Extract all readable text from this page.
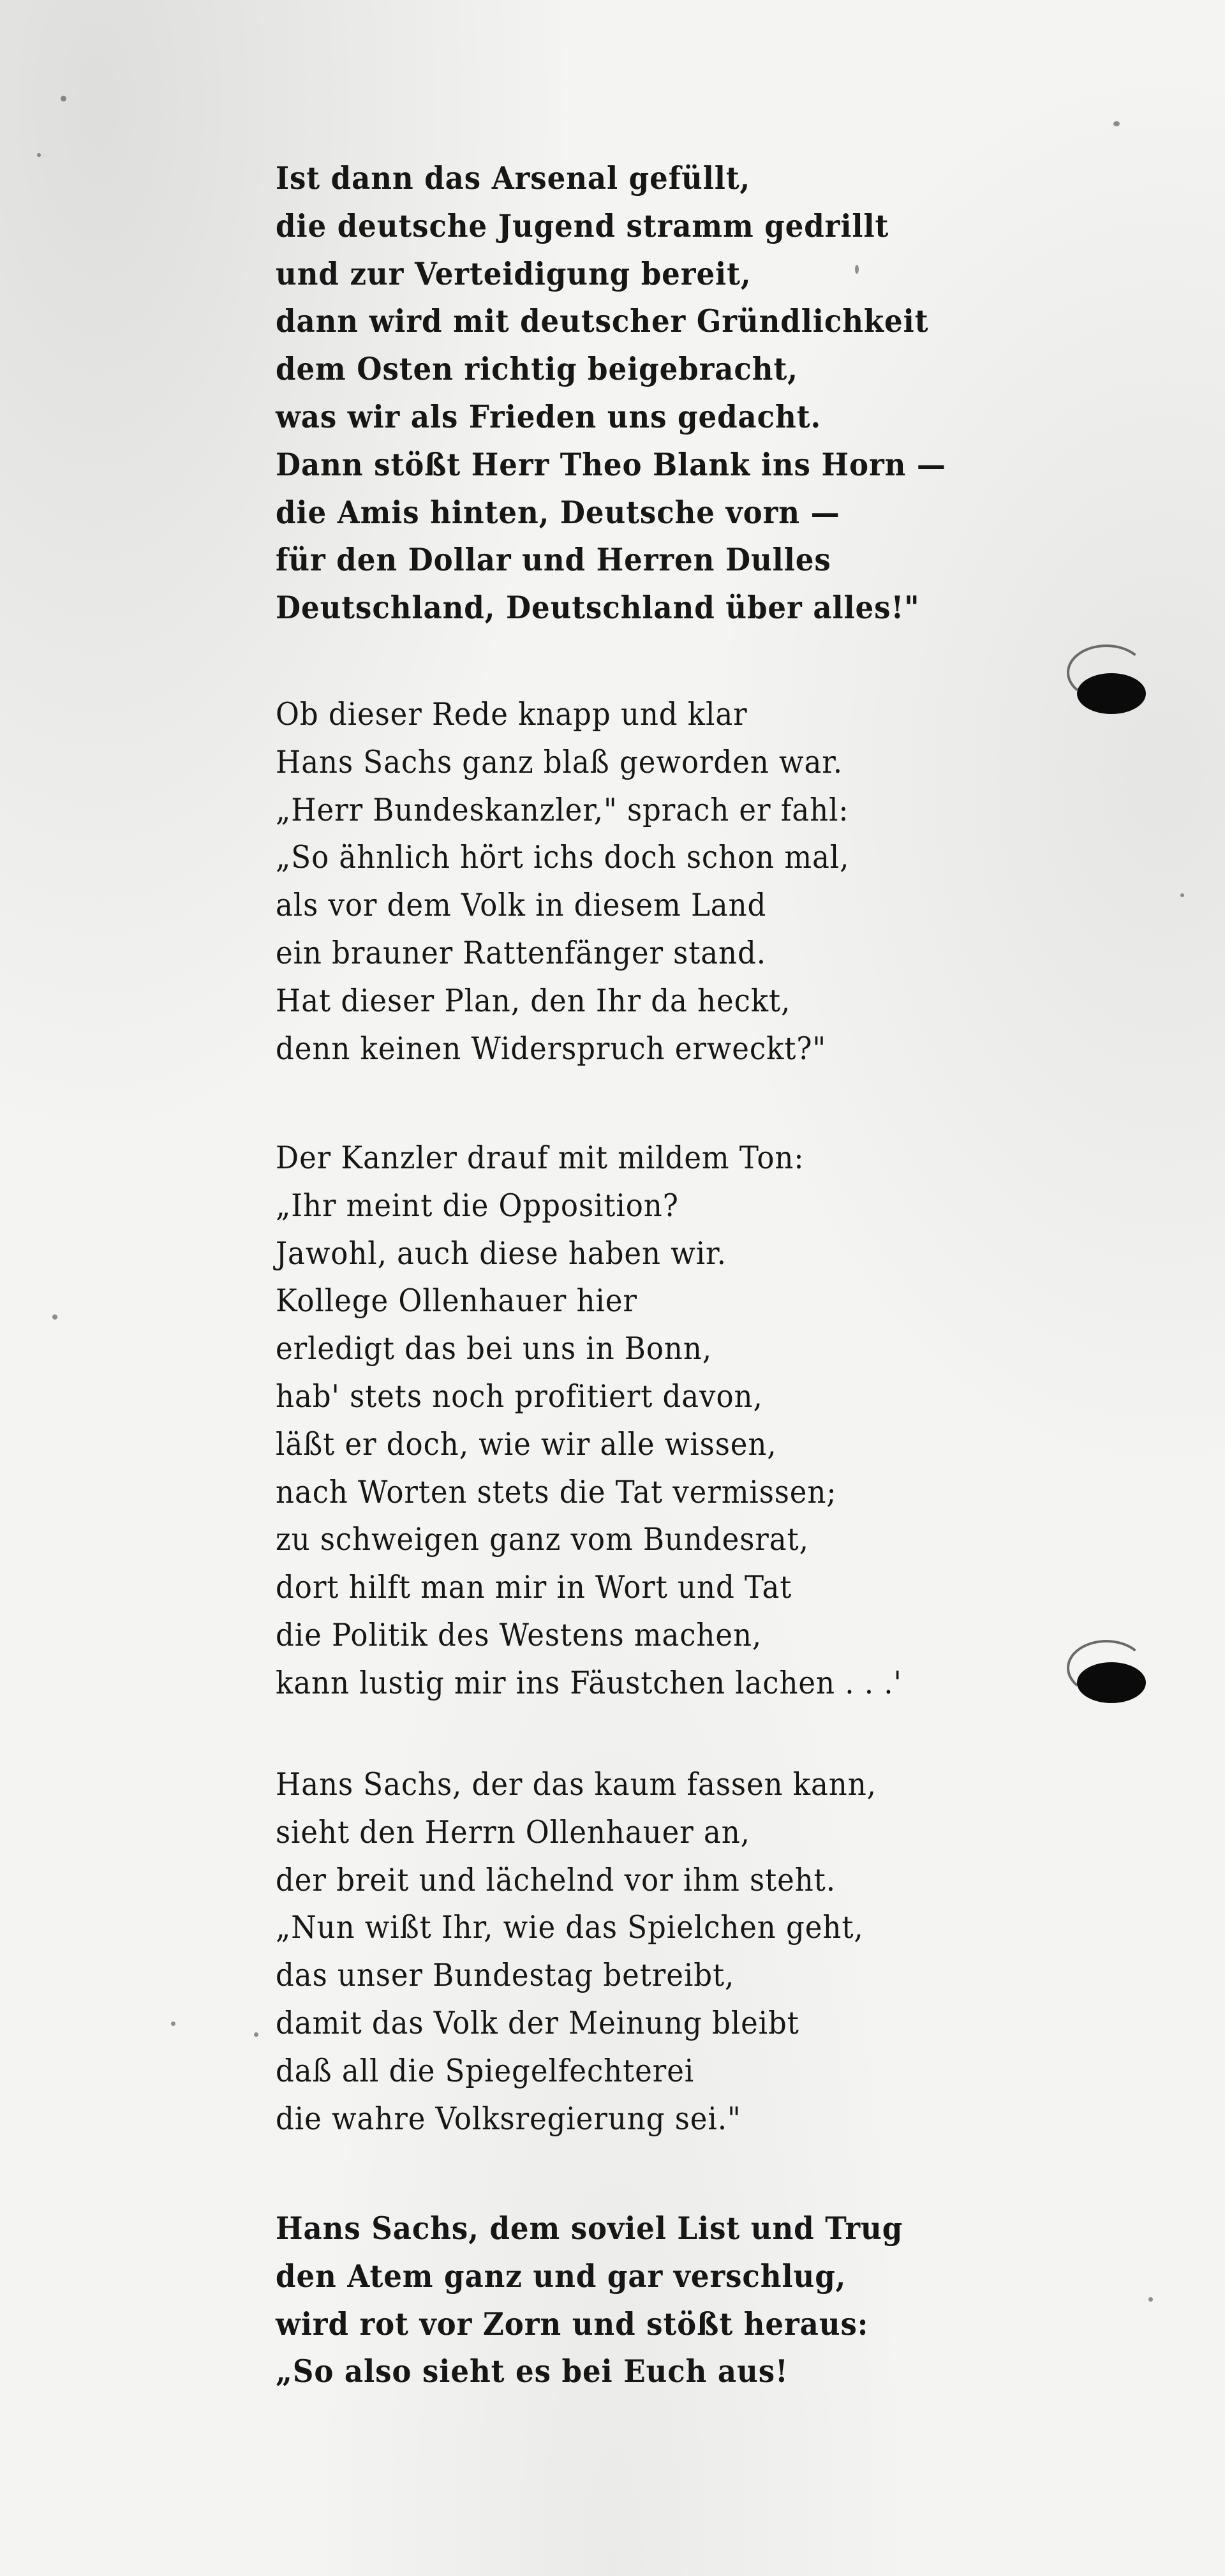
Ist dann das Arsenal gefüllt,
die deutsche Jugend stramm gedrillt
und zur Verteidigung bereit,
dann wird mit deutscher Gründlichkeit
dem Osten richtig beigebracht,
was wir als Frieden uns gedacht.
Dann stößt Herr Theo Blank ins Horn —
die Amis hinten, Deutsche vorn —
für den Dollar und Herren Dulles
Deutschland, Deutschland über alles!"
Ob dieser Rede knapp und klar
Hans Sachs ganz blaß geworden war.
„Herr Bundeskanzler," sprach er fahl:
„So ähnlich hört ichs doch schon mal,
als vor dem Volk in diesem Land
ein brauner Rattenfänger stand.
Hat dieser Plan, den Ihr da heckt,
denn keinen Widerspruch erweckt?"
Der Kanzler drauf mit mildem Ton:
„Ihr meint die Opposition?
Jawohl, auch diese haben wir.
Kollege Ollenhauer hier
erledigt das bei uns in Bonn,
hab' stets noch profitiert davon,
läßt er doch, wie wir alle wissen,
nach Worten stets die Tat vermissen;
zu schweigen ganz vom Bundesrat,
dort hilft man mir in Wort und Tat
die Politik des Westens machen,
kann lustig mir ins Fäustchen lachen . . .'
Hans Sachs, der das kaum fassen kann,
sieht den Herrn Ollenhauer an,
der breit und lächelnd vor ihm steht.
„Nun wißt Ihr, wie das Spielchen geht,
das unser Bundestag betreibt,
damit das Volk der Meinung bleibt
daß all die Spiegelfechterei
die wahre Volksregierung sei."
Hans Sachs, dem soviel List und Trug
den Atem ganz und gar verschlug,
wird rot vor Zorn und stößt heraus:
„So also sieht es bei Euch aus!
